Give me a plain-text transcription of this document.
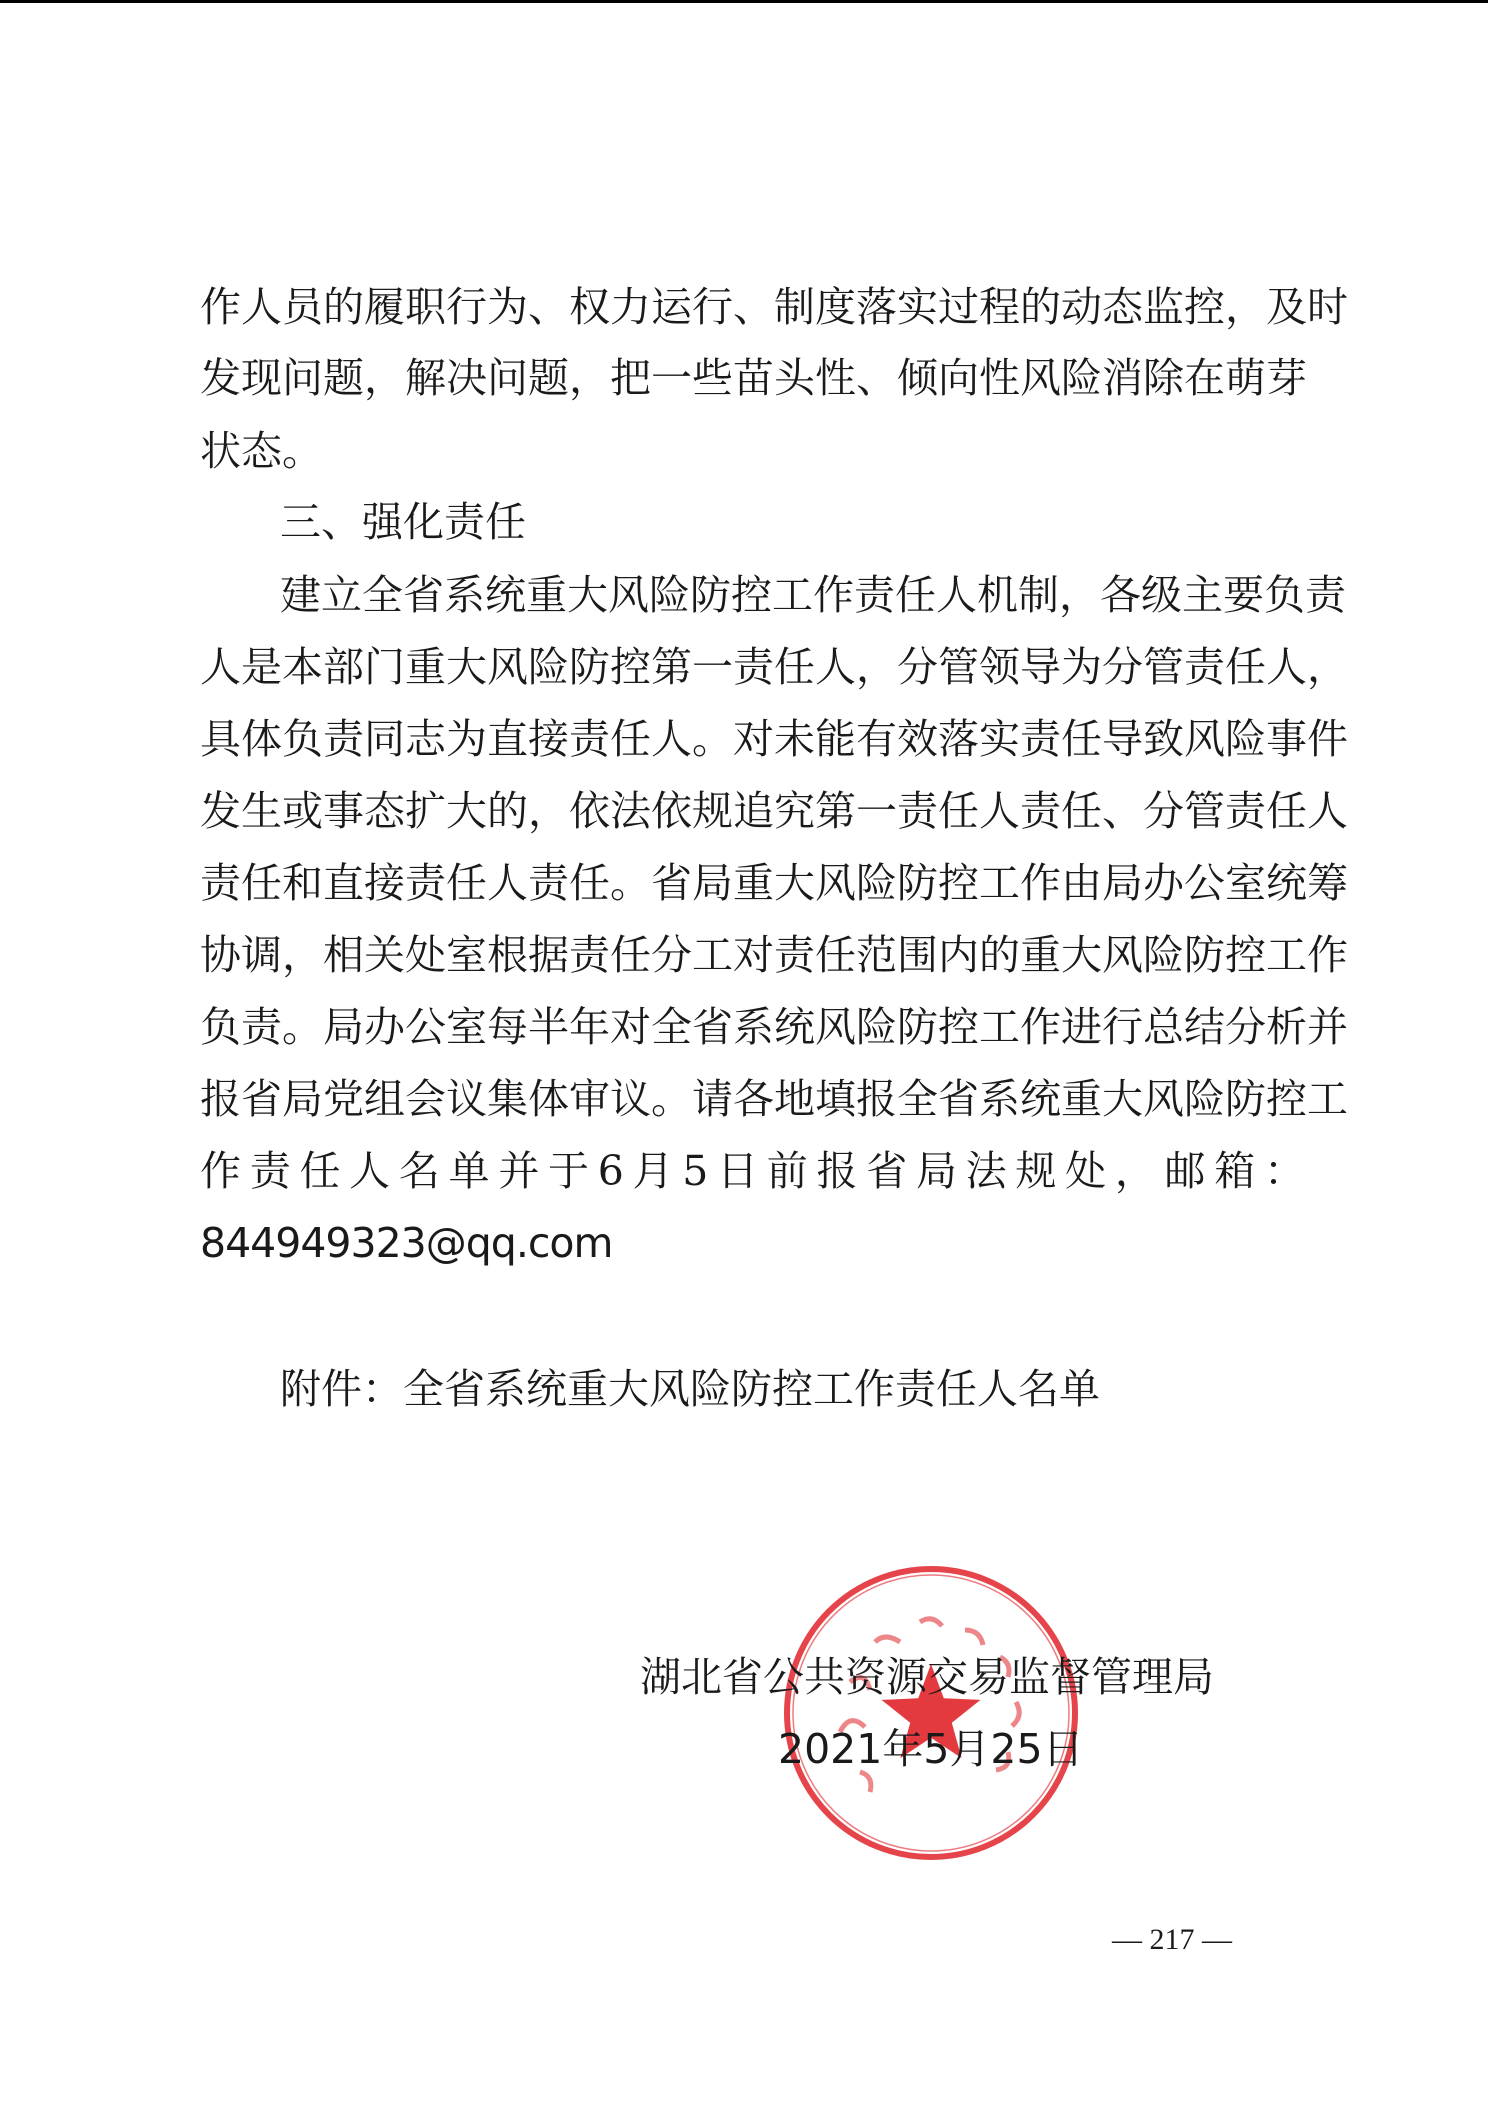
作人员的履职行为、权力运行、制度落实过程的动态监控，及时
发现问题，解决问题，把一些苗头性、倾向性风险消除在萌芽
状态。
三、强化责任
建立全省系统重大风险防控工作责任人机制，各级主要负责
人是本部门重大风险防控第一责任人，分管领导为分管责任人，
具体负责同志为直接责任人。对未能有效落实责任导致风险事件
发生或事态扩大的，依法依规追究第一责任人责任、分管责任人
责任和直接责任人责任。省局重大风险防控工作由局办公室统筹
协调，相关处室根据责任分工对责任范围内的重大风险防控工作
负责。局办公室每半年对全省系统风险防控工作进行总结分析并
报省局党组会议集体审议。请各地填报全省系统重大风险防控工
作责任人名单并于6月5日前报省局法规处，邮箱：
844949323@qq.com
附件：全省系统重大风险防控工作责任人名单
湖北省公共资源交易监督管理局
2021年5月25日
— 217 —
